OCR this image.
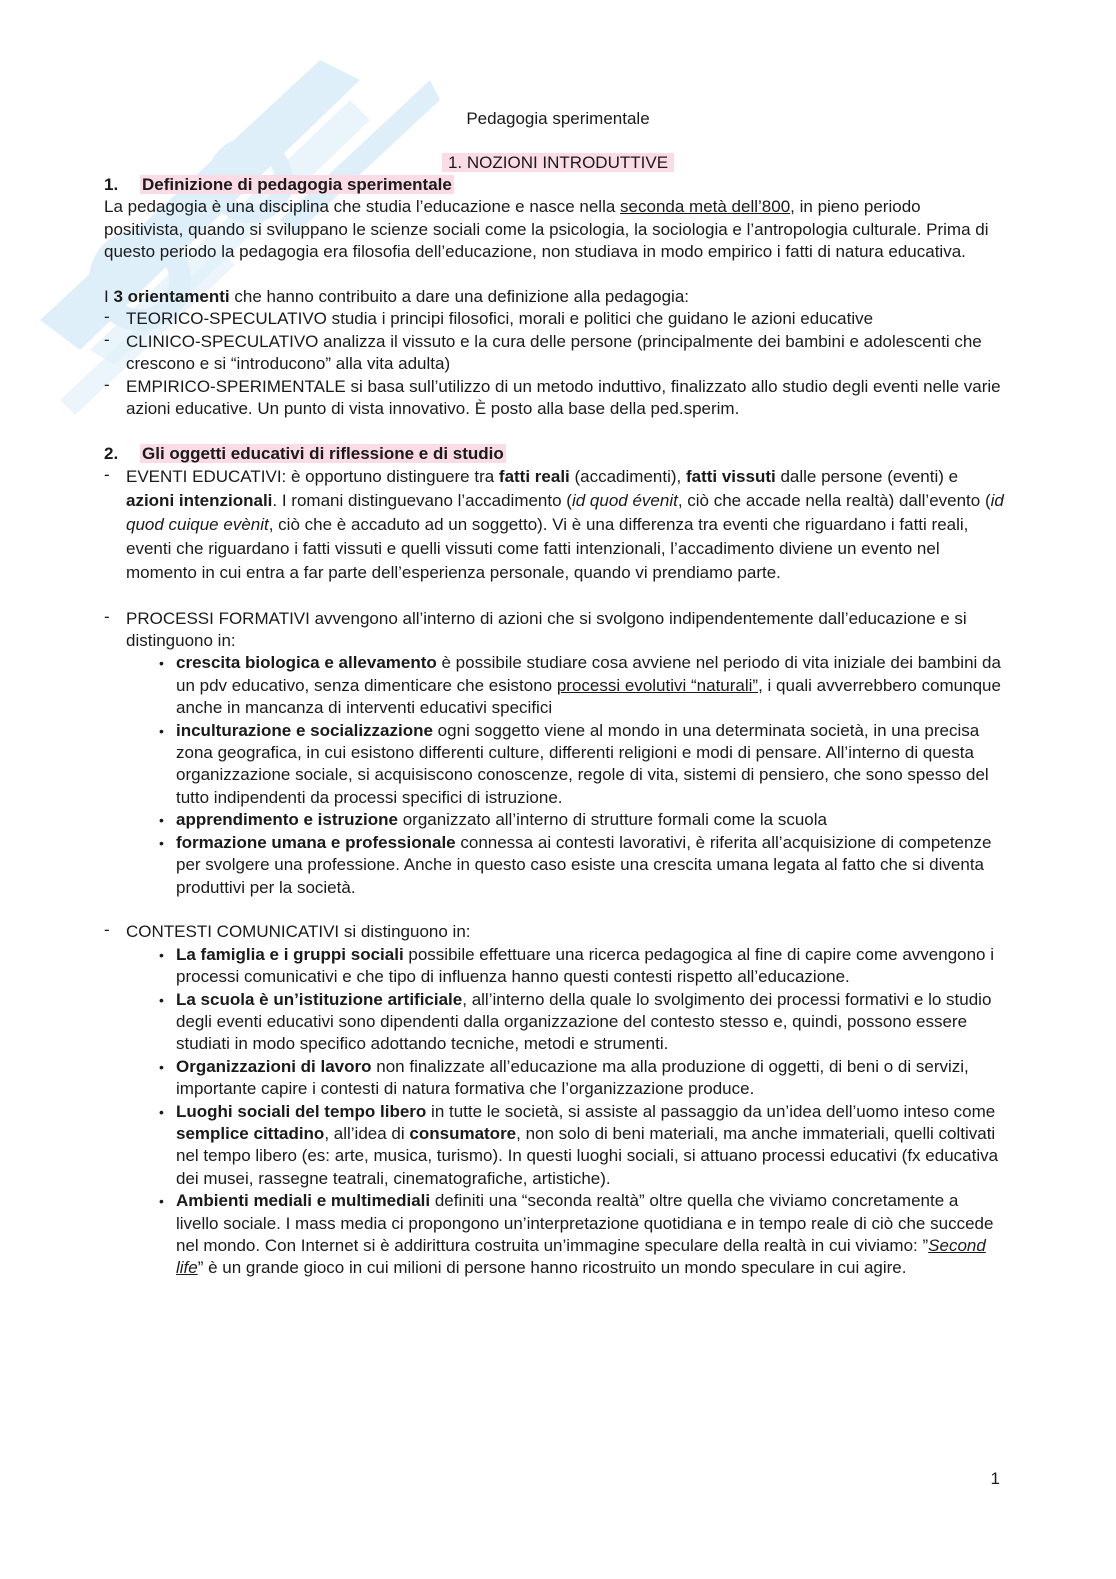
Pedagogia sperimentale
1. NOZIONI INTRODUTTIVE
1. Definizione di pedagogia sperimentale

La pedagogia è una disciplina che studia l’educazione e nasce nella seconda metà dell’800, in pieno periodo positivista, quando si sviluppano le scienze sociali come la psicologia, la sociologia e l’antropologia culturale. Prima di questo periodo la pedagogia era filosofia dell’educazione, non studiava in modo empirico i fatti di natura educativa.

I 3 orientamenti che hanno contribuito a dare una definizione alla pedagogia:

- TEORICO-SPECULATIVO studia i principi filosofici, morali e politici che guidano le azioni educative
- CLINICO-SPECULATIVO analizza il vissuto e la cura delle persone (principalmente dei bambini e adolescenti che crescono e si “introducono” alla vita adulta)
- EMPIRICO-SPERIMENTALE si basa sull’utilizzo di un metodo induttivo, finalizzato allo studio degli eventi nelle varie azioni educative. Un punto di vista innovativo. È posto alla base della ped.sperim.
2. Gli oggetti educativi di riflessione e di studio
- EVENTI EDUCATIVI: è opportuno distinguere tra fatti reali (accadimenti), fatti vissuti dalle persone (eventi) e azioni intenzionali. I romani distinguevano l’accadimento (id quod évenit, ciò che accade nella realtà) dall’evento (id quod cuique evènit, ciò che è accaduto ad un soggetto). Vi è una differenza tra eventi che riguardano i fatti reali, eventi che riguardano i fatti vissuti e quelli vissuti come fatti intenzionali, l’accadimento diviene un evento nel momento in cui entra a far parte dell’esperienza personale, quando vi prendiamo parte.
- PROCESSI FORMATIVI avvengono all’interno di azioni che si svolgono indipendentemente dall’educazione e si distinguono in:
• crescita biologica e allevamento è possibile studiare cosa avviene nel periodo di vita iniziale dei bambini da un pdv educativo, senza dimenticare che esistono processi evolutivi “naturali”, i quali avverrebbero comunque anche in mancanza di interventi educativi specifici
• inculturazione e socializzazione ogni soggetto viene al mondo in una determinata società, in una precisa zona geografica, in cui esistono differenti culture, differenti religioni e modi di pensare. All’interno di questa organizzazione sociale, si acquisiscono conoscenze, regole di vita, sistemi di pensiero, che sono spesso del tutto indipendenti da processi specifici di istruzione.
• apprendimento e istruzione organizzato all’interno di strutture formali come la scuola
• formazione umana e professionale connessa ai contesti lavorativi, è riferita all’acquisizione di competenze per svolgere una professione. Anche in questo caso esiste una crescita umana legata al fatto che si diventa produttivi per la società.
- CONTESTI COMUNICATIVI si distinguono in:
• La famiglia e i gruppi sociali possibile effettuare una ricerca pedagogica al fine di capire come avvengono i processi comunicativi e che tipo di influenza hanno questi contesti rispetto all’educazione.
• La scuola è un’istituzione artificiale, all’interno della quale lo svolgimento dei processi formativi e lo studio degli eventi educativi sono dipendenti dalla organizzazione del contesto stesso e, quindi, possono essere studiati in modo specifico adottando tecniche, metodi e strumenti.
• Organizzazioni di lavoro non finalizzate all’educazione ma alla produzione di oggetti, di beni o di servizi, importante capire i contesti di natura formativa che l’organizzazione produce.
• Luoghi sociali del tempo libero in tutte le società, si assiste al passaggio da un’idea dell’uomo inteso come semplice cittadino, all’idea di consumatore, non solo di beni materiali, ma anche immateriali, quelli coltivati nel tempo libero (es: arte, musica, turismo). In questi luoghi sociali, si attuano processi educativi (fx educativa dei musei, rassegne teatrali, cinematografiche, artistiche).
• Ambienti mediali e multimediali definiti una “seconda realtà” oltre quella che viviamo concretamente a livello sociale. I mass media ci propongono un’interpretazione quotidiana e in tempo reale di ciò che succede nel mondo. Con Internet si è addirittura costruita un’immagine speculare della realtà in cui viviamo: ”Second life” è un grande gioco in cui milioni di persone hanno ricostruito un mondo speculare in cui agire.
1
